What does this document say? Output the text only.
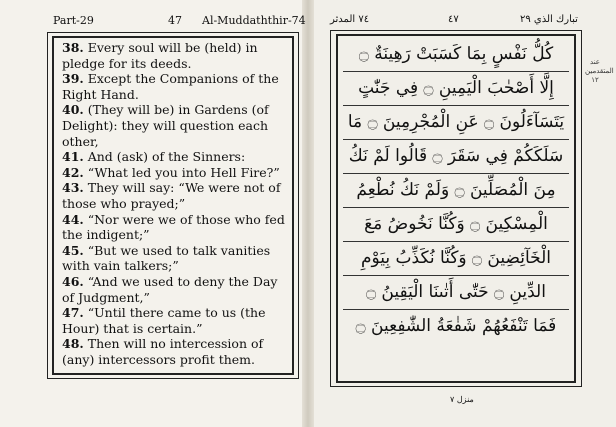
Part-29	47 Al-Muddaththir-74 ٧٤ المدثر	٤٧	تبارك الذي ٢٩

38. Every soul will be (held) in pledge for its deeds.

39. Except the Companions of the Right Hand.

40. (They will be) in Gardens (of Delight): they will question each other,

41. And (ask) of the Sinners:

42. “What led you into Hell Fire?”

43. They will say: “We were not of those who prayed;”

44. “Nor were we of those who fed the indigent;”

45. “But we used to talk vanities with vain talkers;”

46. “And we used to deny the Day of Judgment,”

47. “Until there came to us (the Hour) that is certain.”

48. Then will no intercession of (any) intercessors profit them.

كُلُّ نَفْسٍ بِمَا كَسَبَتْ رَهِينَةٌ ۝
إِلَّا أَصْحٰبَ الْيَمِينِ ۝ فِي جَنّٰتٍ
يَتَسَآءَلُونَ ۝ عَنِ الْمُجْرِمِينَ ۝ مَا
سَلَكَكُمْ فِي سَقَرَ ۝ قَالُوا لَمْ نَكُ
مِنَ الْمُصَلِّينَ ۝ وَلَمْ نَكُ نُطْعِمُ
الْمِسْكِينَ ۝ وَكُنَّا نَخُوضُ مَعَ
الْخَآئِضِينَ ۝ وَكُنَّا نُكَذِّبُ بِيَوْمِ
الدِّينِ ۝ حَتّٰى أَتٰىنَا الْيَقِينُ ۝
فَمَا تَنْفَعُهُمْ شَفٰعَةُ الشّٰفِعِينَ ۝
عند المتقدمين ١٢
منزل ٧
